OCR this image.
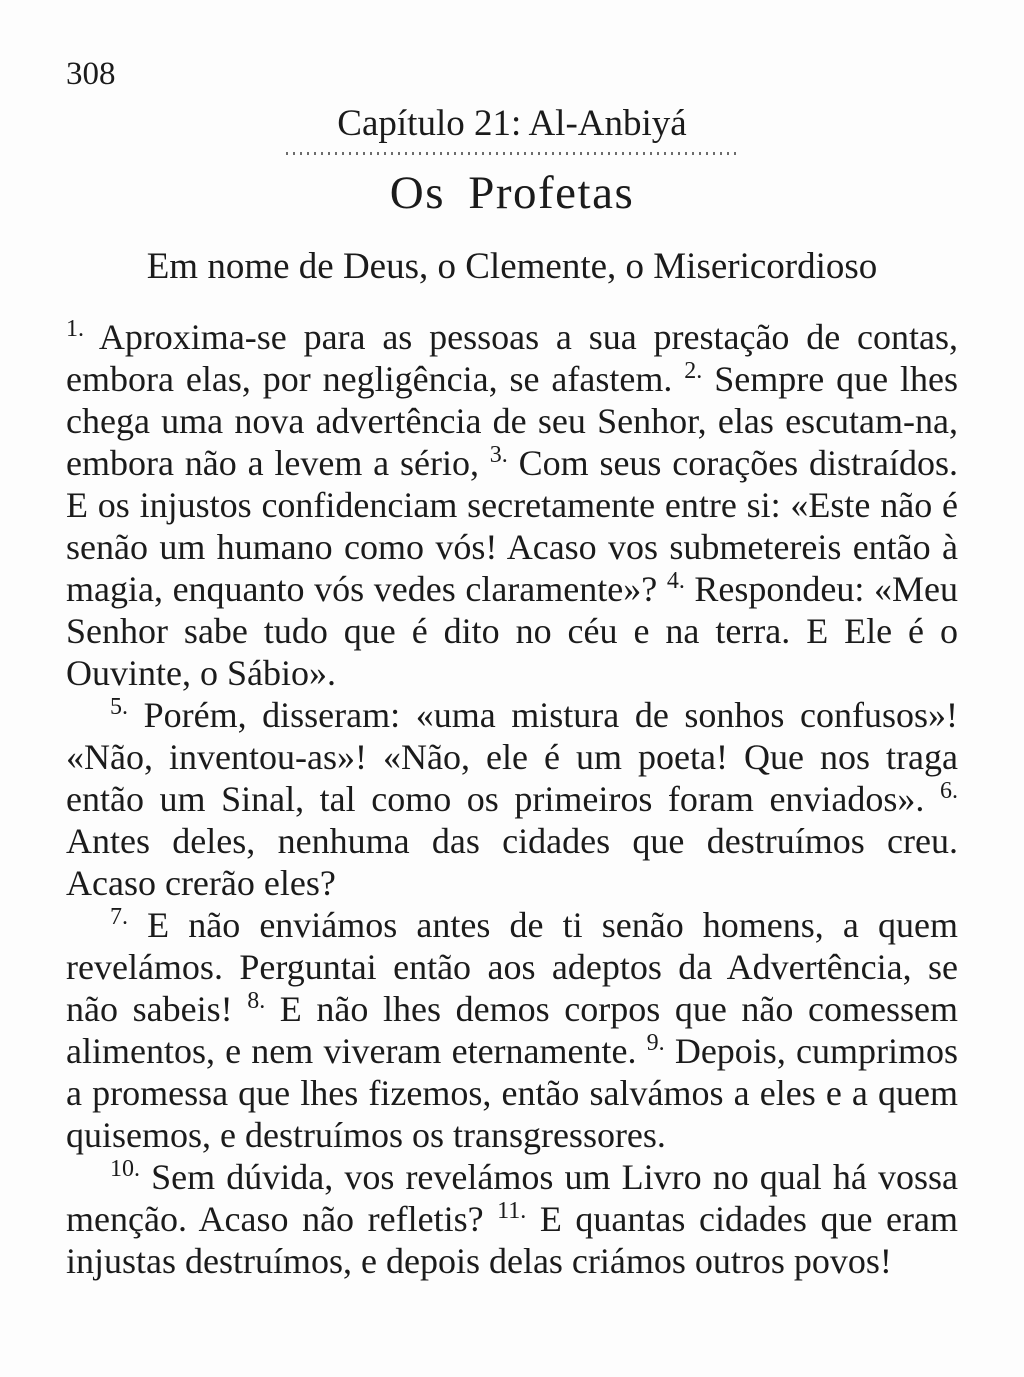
308
Capítulo 21: Al-Anbiyá
Os Profetas
Em nome de Deus, o Clemente, o Misericordioso

$^{1.}$ Aproxima-se para as pessoas a sua prestação de contas, embora elas, por negligência, se afastem. $^{2.}$ Sempre que lhes chega uma nova advertência de seu Senhor, elas escutam-na, embora não a levem a sério, $^{3.}$ Com seus corações distraídos. E os injustos confidenciam secretamente entre si: «Este não é senão um humano como vós! Acaso vos submetereis então à magia, enquanto vós vedes claramente»? $^{4.}$ Respondeu: «Meu Senhor sabe tudo que é dito no céu e na terra. E Ele é o Ouvinte, o Sábio».

$^{5.}$ Porém, disseram: «uma mistura de sonhos confusos»! «Não, inventou-as»! «Não, ele é um poeta! Que nos traga então um Sinal, tal como os primeiros foram enviados». $^{6.}$ Antes deles, nenhuma das cidades que destruímos creu. Acaso crerão eles?

$^{7.}$ E não enviámos antes de ti senão homens, a quem revelámos. Perguntai então aos adeptos da Advertência, se não sabeis! $^{8.}$ E não lhes demos corpos que não comessem alimentos, e nem viveram eternamente. $^{9.}$ Depois, cumprimos a promessa que lhes fizemos, então salvámos a eles e a quem quisemos, e destruímos os transgressores.

$^{10.}$ Sem dúvida, vos revelámos um Livro no qual há vossa menção. Acaso não refletis? $^{11.}$ E quantas cidades que eram injustas destruímos, e depois delas criámos outros povos!
